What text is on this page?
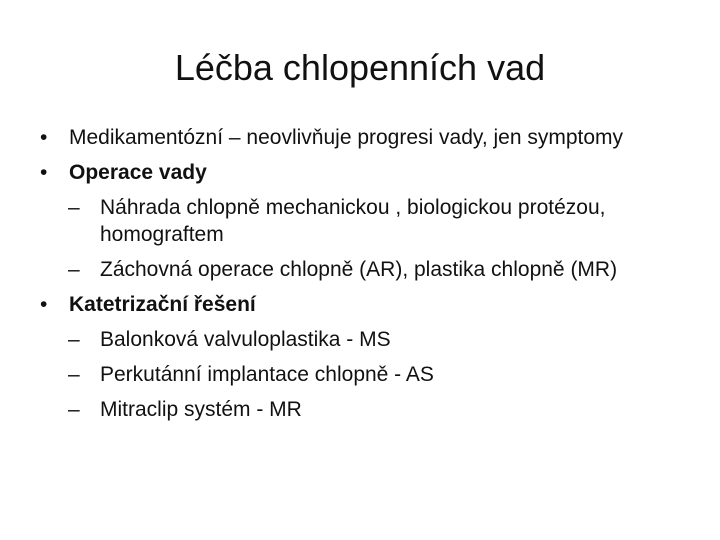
Léčba chlopenních vad
•	Medikamentózní – neovlivňuje progresi vady, jen symptomy
•	Operace vady
– Náhrada chlopně mechanickou , biologickou protézou, homograftem
– Záchovná operace chlopně (AR), plastika chlopně (MR)
•	Katetrizační řešení
– Balonková valvuloplastika - MS
– Perkutánní implantace chlopně - AS
– Mitraclip systém - MR
